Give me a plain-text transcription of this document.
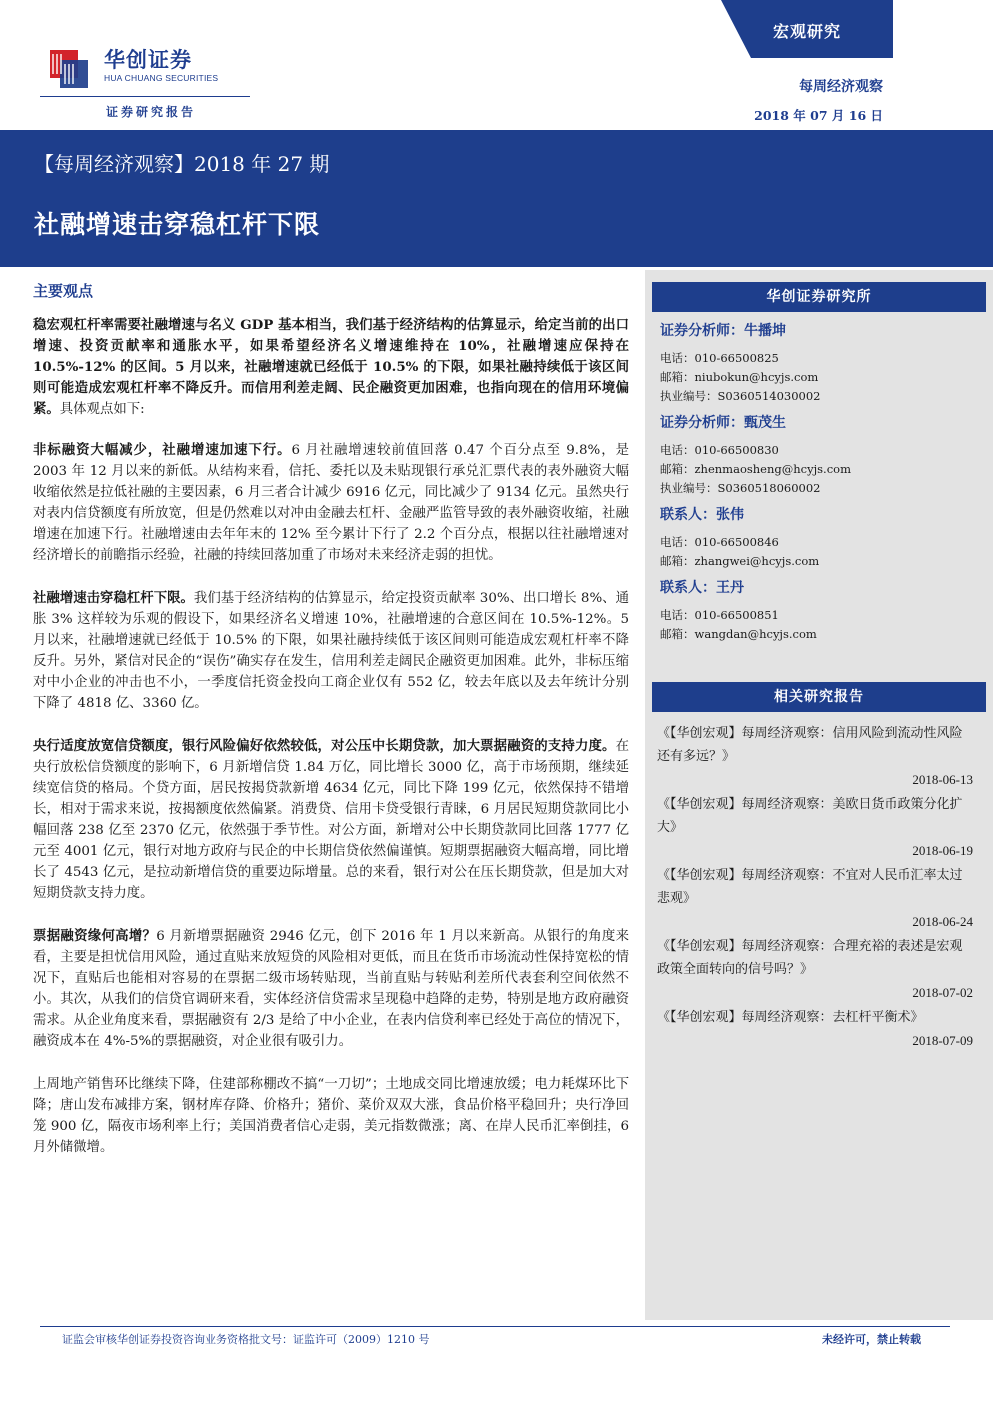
华创证券
HUA CHUANG SECURITIES
证券研究报告
宏观研究
每周经济观察
2018 年 07 月 16 日
【每周经济观察】2018 年 27 期
社融增速击穿稳杠杆下限
主要观点

稳宏观杠杆率需要社融增速与名义 GDP 基本相当，我们基于经济结构的估算显示，给定当前的出口增速、投资贡献率和通胀水平，如果希望经济名义增速维持在 10%，社融增速应保持在 10.5%-12% 的区间。5 月以来，社融增速就已经低于 10.5% 的下限，如果社融持续低于该区间则可能造成宏观杠杆率不降反升。而信用利差走阔、民企融资更加困难，也指向现在的信用环境偏紧。具体观点如下:

非标融资大幅减少，社融增速加速下行。6 月社融增速较前值回落 0.47 个百分点至 9.8%，是 2003 年 12 月以来的新低。从结构来看，信托、委托以及未贴现银行承兑汇票代表的表外融资大幅收缩依然是拉低社融的主要因素，6 月三者合计减少 6916 亿元，同比减少了 9134 亿元。虽然央行对表内信贷额度有所放宽，但是仍然难以对冲由金融去杠杆、金融严监管导致的表外融资收缩，社融增速在加速下行。社融增速由去年年末的 12% 至今累计下行了 2.2 个百分点，根据以往社融增速对经济增长的前瞻指示经验，社融的持续回落加重了市场对未来经济走弱的担忧。

社融增速击穿稳杠杆下限。我们基于经济结构的估算显示，给定投资贡献率 30%、出口增长 8%、通胀 3% 这样较为乐观的假设下，如果经济名义增速 10%，社融增速的合意区间在 10.5%-12%。5 月以来，社融增速就已经低于 10.5% 的下限，如果社融持续低于该区间则可能造成宏观杠杆率不降反升。另外，紧信对民企的“误伤”确实存在发生，信用利差走阔民企融资更加困难。此外，非标压缩对中小企业的冲击也不小，一季度信托资金投向工商企业仅有 552 亿，较去年底以及去年统计分别下降了 4818 亿、3360 亿。

央行适度放宽信贷额度，银行风险偏好依然较低，对公压中长期贷款，加大票据融资的支持力度。在央行放松信贷额度的影响下，6 月新增信贷 1.84 万亿，同比增长 3000 亿，高于市场预期，继续延续宽信贷的格局。个贷方面，居民按揭贷款新增 4634 亿元，同比下降 199 亿元，依然保持不错增长，相对于需求来说，按揭额度依然偏紧。消费贷、信用卡贷受银行青睐，6 月居民短期贷款同比小幅回落 238 亿至 2370 亿元，依然强于季节性。对公方面，新增对公中长期贷款同比回落 1777 亿元至 4001 亿元，银行对地方政府与民企的中长期信贷依然偏谨慎。短期票据融资大幅高增，同比增长了 4543 亿元，是拉动新增信贷的重要边际增量。总的来看，银行对公在压长期贷款，但是加大对短期贷款支持力度。

票据融资缘何高增？6 月新增票据融资 2946 亿元，创下 2016 年 1 月以来新高。从银行的角度来看，主要是担忧信用风险，通过直贴来放短贷的风险相对更低，而且在货币市场流动性保持宽松的情况下，直贴后也能相对容易的在票据二级市场转贴现，当前直贴与转贴利差所代表套利空间依然不小。其次，从我们的信贷官调研来看，实体经济信贷需求呈现稳中趋降的走势，特别是地方政府融资需求。从企业角度来看，票据融资有 2/3 是给了中小企业，在表内信贷利率已经处于高位的情况下，融资成本在 4%-5%的票据融资，对企业很有吸引力。

上周地产销售环比继续下降，住建部称棚改不搞“一刀切”；土地成交同比增速放缓；电力耗煤环比下降；唐山发布减排方案，钢材库存降、价格升；猪价、菜价双双大涨，食品价格平稳回升；央行净回笼 900 亿，隔夜市场利率上行；美国消费者信心走弱，美元指数微涨；离、在岸人民币汇率倒挂，6 月外储微增。

华创证券研究所
证券分析师：牛播坤
电话：010-66500825
邮箱：niubokun@hcyjs.com
执业编号：S0360514030002
证券分析师：甄茂生
电话：010-66500830
邮箱：zhenmaosheng@hcyjs.com
执业编号：S0360518060002
联系人：张伟
电话：010-66500846
邮箱：zhangwei@hcyjs.com
联系人：王丹
电话：010-66500851
邮箱：wangdan@hcyjs.com
相关研究报告
《【华创宏观】每周经济观察：信用风险到流动性风险还有多远？》
2018-06-13
《【华创宏观】每周经济观察：美欧日货币政策分化扩大》
2018-06-19
《【华创宏观】每周经济观察：不宜对人民币汇率太过悲观》
2018-06-24
《【华创宏观】每周经济观察：合理充裕的表述是宏观政策全面转向的信号吗？》
2018-07-02
《【华创宏观】每周经济观察：去杠杆平衡术》
2018-07-09
证监会审核华创证券投资咨询业务资格批文号：证监许可（2009）1210 号	未经许可，禁止转载
